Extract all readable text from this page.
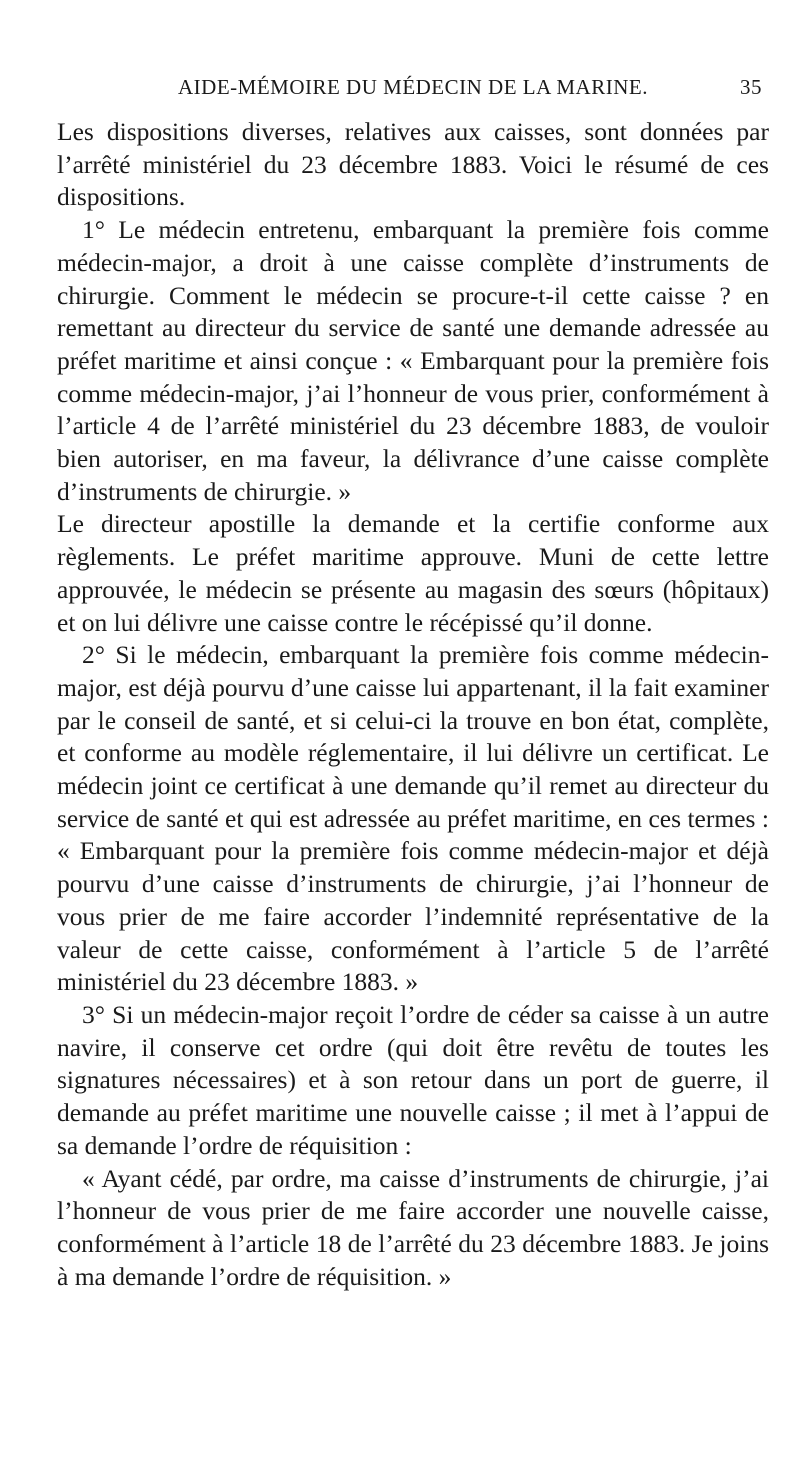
AIDE-MÉMOIRE DU MÉDECIN DE LA MARINE.	35

Les dispositions diverses, relatives aux caisses, sont données par l’arrêté ministériel du 23 décembre 1883. Voici le résumé de ces dispositions.

1° Le médecin entretenu, embarquant la première fois comme médecin-major, a droit à une caisse complète d’instruments de chirurgie. Comment le médecin se procure-t-il cette caisse ? en remettant au directeur du service de santé une demande adressée au préfet maritime et ainsi conçue : « Embarquant pour la première fois comme médecin-major, j’ai l’honneur de vous prier, conformément à l’article 4 de l’arrêté ministériel du 23 décembre 1883, de vouloir bien autoriser, en ma faveur, la délivrance d’une caisse complète d’instruments de chirurgie. »

Le directeur apostille la demande et la certifie conforme aux règlements. Le préfet maritime approuve. Muni de cette lettre approuvée, le médecin se présente au magasin des sœurs (hôpitaux) et on lui délivre une caisse contre le récépissé qu’il donne.

2° Si le médecin, embarquant la première fois comme médecin-major, est déjà pourvu d’une caisse lui appartenant, il la fait examiner par le conseil de santé, et si celui-ci la trouve en bon état, complète, et conforme au modèle réglementaire, il lui délivre un certificat. Le médecin joint ce certificat à une demande qu’il remet au directeur du service de santé et qui est adressée au préfet maritime, en ces termes : « Embarquant pour la première fois comme médecin-major et déjà pourvu d’une caisse d’instruments de chirurgie, j’ai l’honneur de vous prier de me faire accorder l’indemnité représentative de la valeur de cette caisse, conformément à l’article 5 de l’arrêté ministériel du 23 décembre 1883. »

3° Si un médecin-major reçoit l’ordre de céder sa caisse à un autre navire, il conserve cet ordre (qui doit être revêtu de toutes les signatures nécessaires) et à son retour dans un port de guerre, il demande au préfet maritime une nouvelle caisse ; il met à l’appui de sa demande l’ordre de réquisition :

« Ayant cédé, par ordre, ma caisse d’instruments de chirurgie, j’ai l’honneur de vous prier de me faire accorder une nouvelle caisse, conformément à l’article 18 de l’arrêté du 23 décembre 1883. Je joins à ma demande l’ordre de réquisition. »
